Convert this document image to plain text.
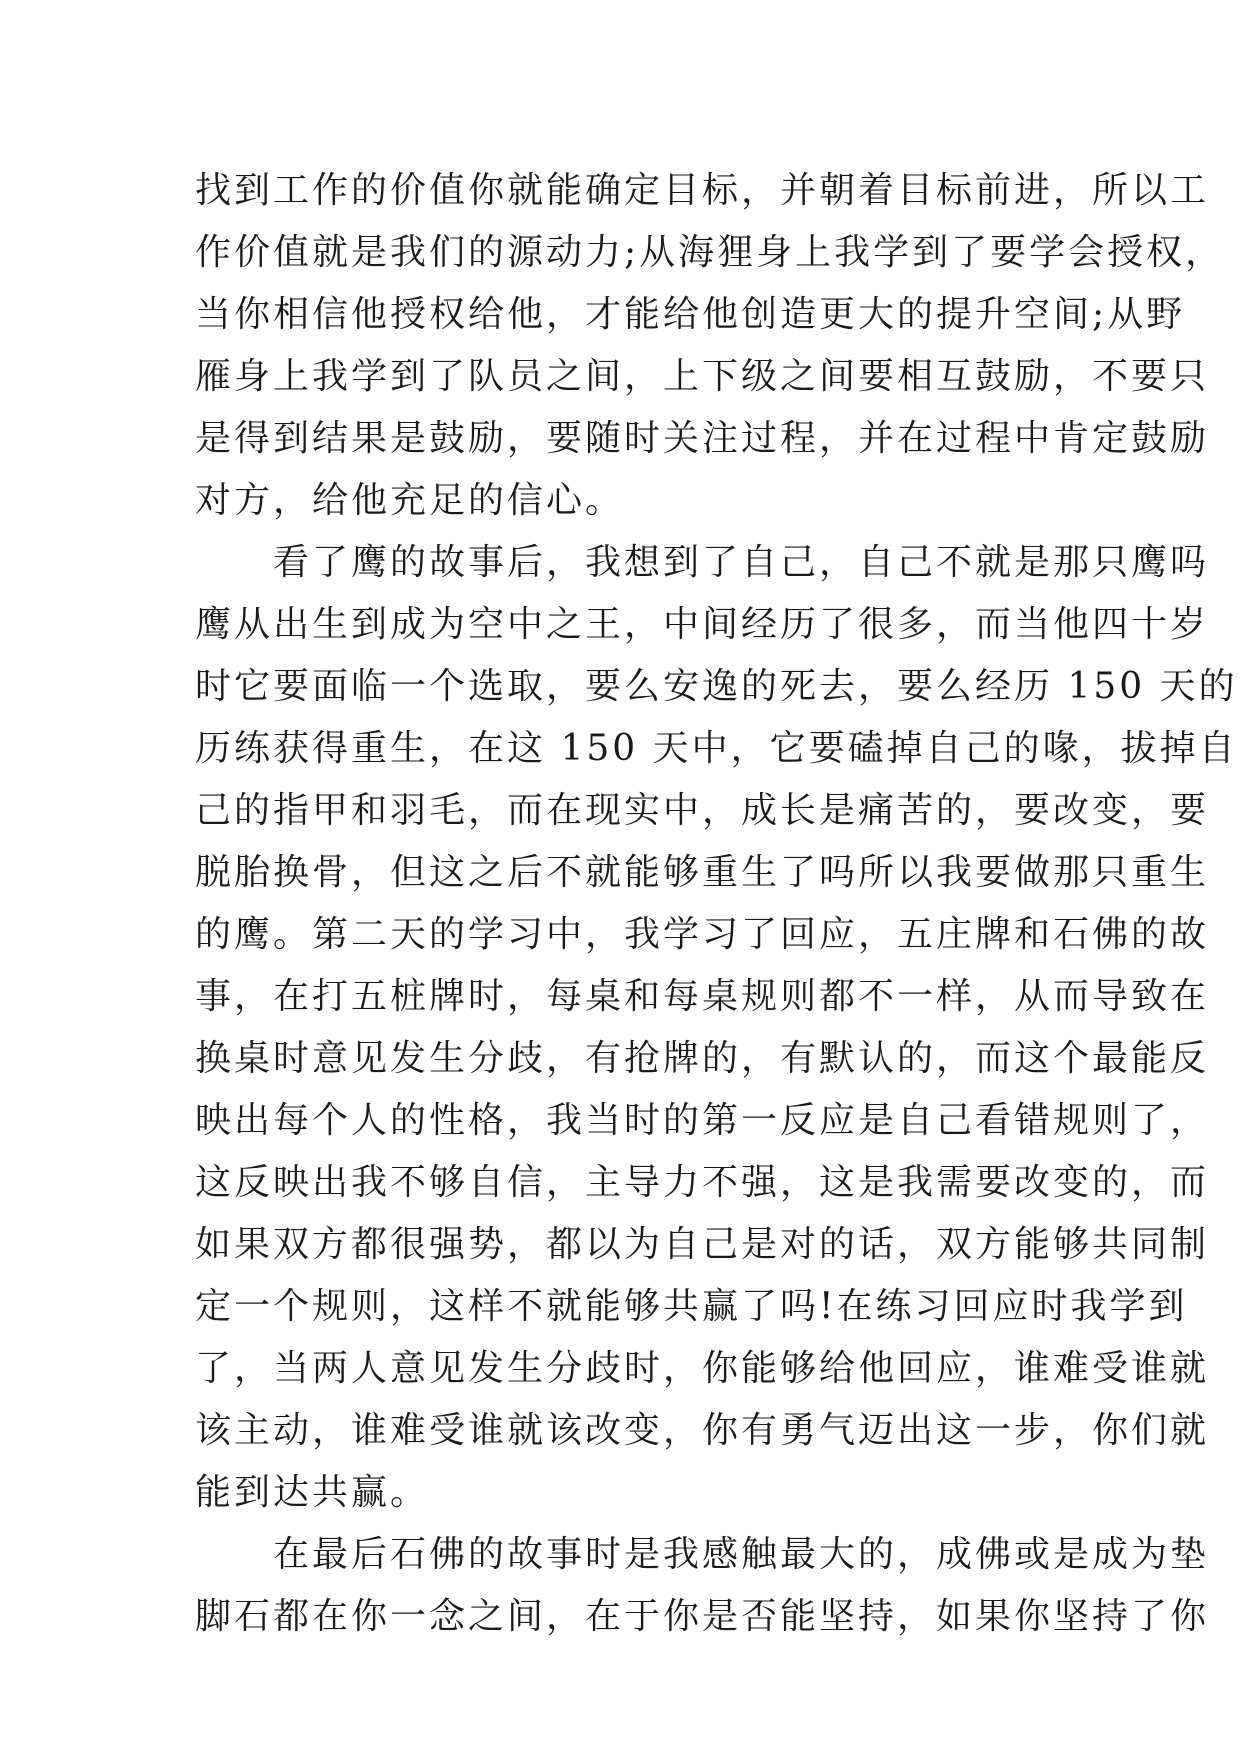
找到工作的价值你就能确定目标，并朝着目标前进，所以工
作价值就是我们的源动力;从海狸身上我学到了要学会授权，
当你相信他授权给他，才能给他创造更大的提升空间;从野
雁身上我学到了队员之间，上下级之间要相互鼓励，不要只
是得到结果是鼓励，要随时关注过程，并在过程中肯定鼓励
对方，给他充足的信心。
　　看了鹰的故事后，我想到了自己，自己不就是那只鹰吗
鹰从出生到成为空中之王，中间经历了很多，而当他四十岁
时它要面临一个选取，要么安逸的死去，要么经历 150 天的
历练获得重生，在这 150 天中，它要磕掉自己的喙，拔掉自
己的指甲和羽毛，而在现实中，成长是痛苦的，要改变，要
脱胎换骨，但这之后不就能够重生了吗所以我要做那只重生
的鹰。第二天的学习中，我学习了回应，五庄牌和石佛的故
事，在打五桩牌时，每桌和每桌规则都不一样，从而导致在
换桌时意见发生分歧，有抢牌的，有默认的，而这个最能反
映出每个人的性格，我当时的第一反应是自己看错规则了，
这反映出我不够自信，主导力不强，这是我需要改变的，而
如果双方都很强势，都以为自己是对的话，双方能够共同制
定一个规则，这样不就能够共赢了吗!在练习回应时我学到
了，当两人意见发生分歧时，你能够给他回应，谁难受谁就
该主动，谁难受谁就该改变，你有勇气迈出这一步，你们就
能到达共赢。
　　在最后石佛的故事时是我感触最大的，成佛或是成为垫
脚石都在你一念之间，在于你是否能坚持，如果你坚持了你
